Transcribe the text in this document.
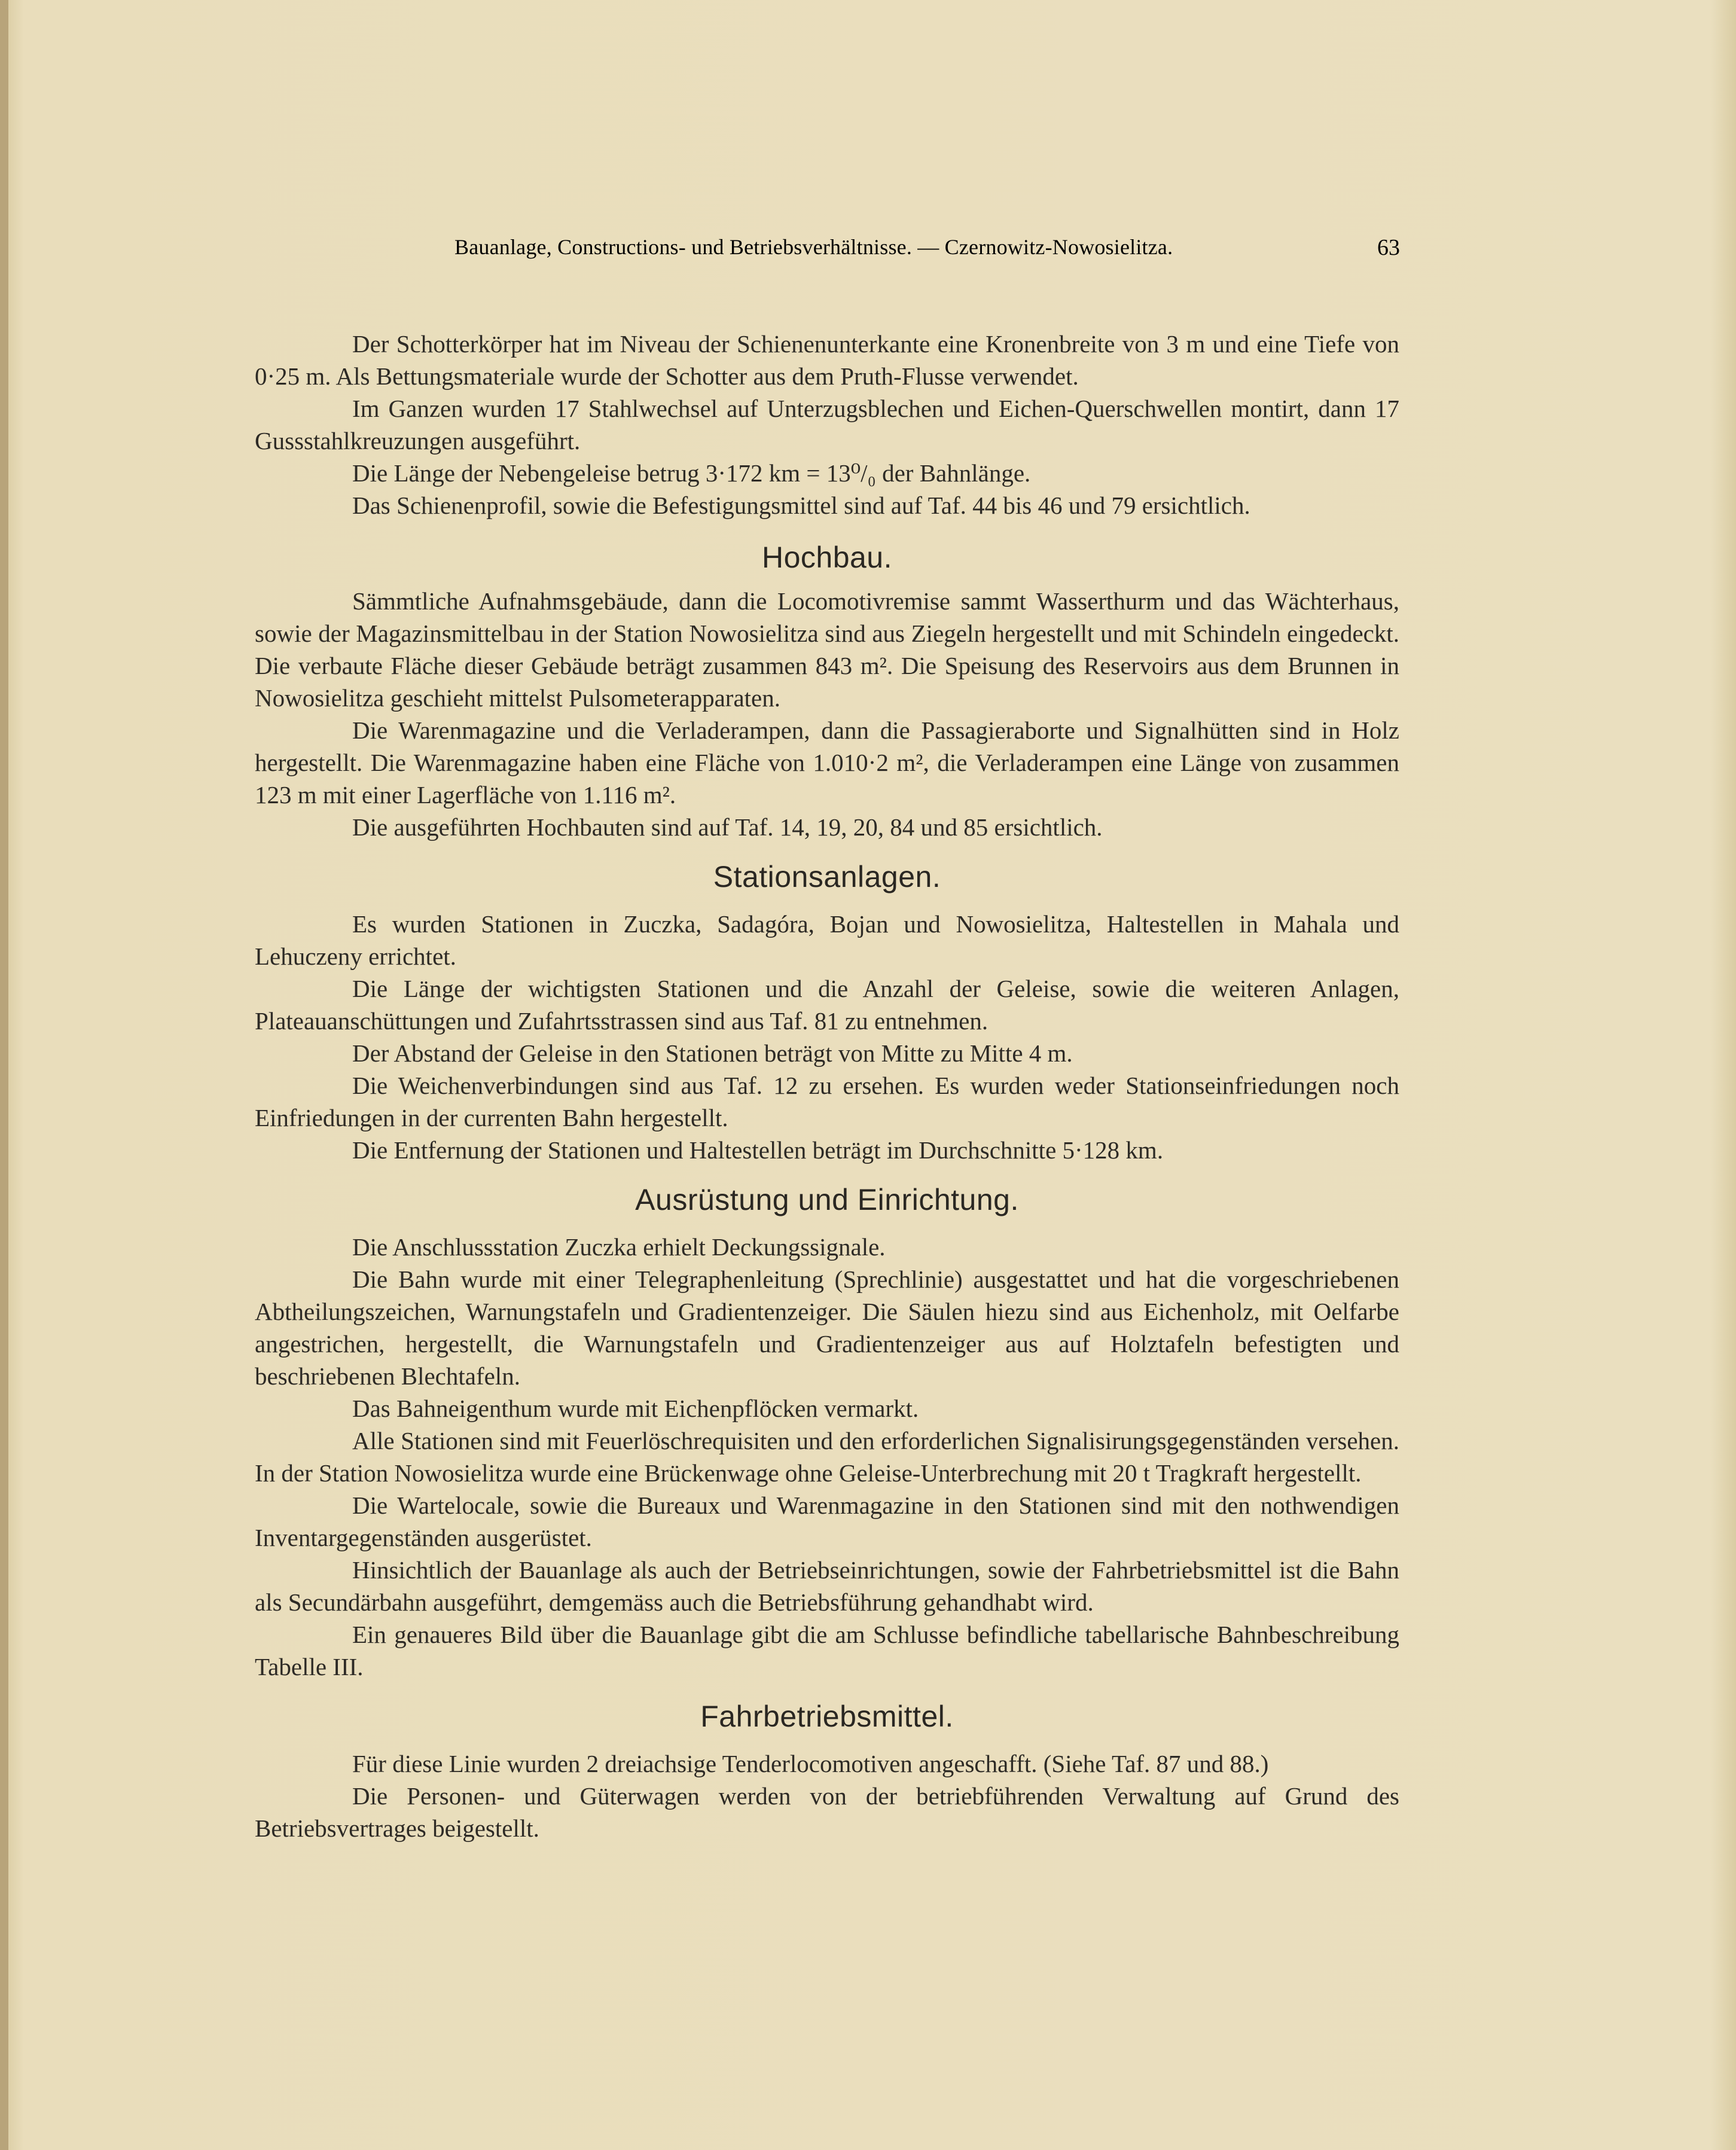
Bauanlage, Constructions- und Betriebsverhältnisse. — Czernowitz-Nowosielitza.	63

Der Schotterkörper hat im Niveau der Schienenunterkante eine Kronenbreite von 3 m und eine Tiefe von 0·25 m. Als Bettungsmateriale wurde der Schotter aus dem Pruth-Flusse verwendet.

Im Ganzen wurden 17 Stahlwechsel auf Unterzugsblechen und Eichen-Querschwellen montirt, dann 17 Gussstahlkreuzungen ausgeführt.

Die Länge der Nebengeleise betrug 3·172 km = 13⁰/₀ der Bahnlänge.

Das Schienenprofil, sowie die Befestigungsmittel sind auf Taf. 44 bis 46 und 79 ersichtlich.

Hochbau.

Sämmtliche Aufnahmsgebäude, dann die Locomotivremise sammt Wasserthurm und das Wächterhaus, sowie der Magazinsmittelbau in der Station Nowosielitza sind aus Ziegeln hergestellt und mit Schindeln eingedeckt. Die verbaute Fläche dieser Gebäude beträgt zusammen 843 m². Die Speisung des Reservoirs aus dem Brunnen in Nowosielitza geschieht mittelst Pulsometerapparaten.

Die Warenmagazine und die Verladerampen, dann die Passagieraborte und Signalhütten sind in Holz hergestellt. Die Warenmagazine haben eine Fläche von 1.010·2 m², die Verladerampen eine Länge von zusammen 123 m mit einer Lagerfläche von 1.116 m².

Die ausgeführten Hochbauten sind auf Taf. 14, 19, 20, 84 und 85 ersichtlich.

Stationsanlagen.

Es wurden Stationen in Zuczka, Sadagóra, Bojan und Nowosielitza, Haltestellen in Mahala und Lehuczeny errichtet.

Die Länge der wichtigsten Stationen und die Anzahl der Geleise, sowie die weiteren Anlagen, Plateauanschüttungen und Zufahrtsstrassen sind aus Taf. 81 zu entnehmen.

Der Abstand der Geleise in den Stationen beträgt von Mitte zu Mitte 4 m.

Die Weichenverbindungen sind aus Taf. 12 zu ersehen. Es wurden weder Stationseinfriedungen noch Einfriedungen in der currenten Bahn hergestellt.

Die Entfernung der Stationen und Haltestellen beträgt im Durchschnitte 5·128 km.

Ausrüstung und Einrichtung.

Die Anschlussstation Zuczka erhielt Deckungssignale.

Die Bahn wurde mit einer Telegraphenleitung (Sprechlinie) ausgestattet und hat die vorgeschriebenen Abtheilungszeichen, Warnungstafeln und Gradientenzeiger. Die Säulen hiezu sind aus Eichenholz, mit Oelfarbe angestrichen, hergestellt, die Warnungstafeln und Gradientenzeiger aus auf Holztafeln befestigten und beschriebenen Blechtafeln.

Das Bahneigenthum wurde mit Eichenpflöcken vermarkt.

Alle Stationen sind mit Feuerlöschrequisiten und den erforderlichen Signalisirungsgegenständen versehen. In der Station Nowosielitza wurde eine Brückenwage ohne Geleise-Unterbrechung mit 20 t Tragkraft hergestellt.

Die Wartelocale, sowie die Bureaux und Warenmagazine in den Stationen sind mit den nothwendigen Inventargegenständen ausgerüstet.

Hinsichtlich der Bauanlage als auch der Betriebseinrichtungen, sowie der Fahrbetriebsmittel ist die Bahn als Secundärbahn ausgeführt, demgemäss auch die Betriebsführung gehandhabt wird.

Ein genaueres Bild über die Bauanlage gibt die am Schlusse befindliche tabellarische Bahnbeschreibung Tabelle III.

Fahrbetriebsmittel.

Für diese Linie wurden 2 dreiachsige Tenderlocomotiven angeschafft. (Siehe Taf. 87 und 88.)

Die Personen- und Güterwagen werden von der betriebführenden Verwaltung auf Grund des Betriebsvertrages beigestellt.
